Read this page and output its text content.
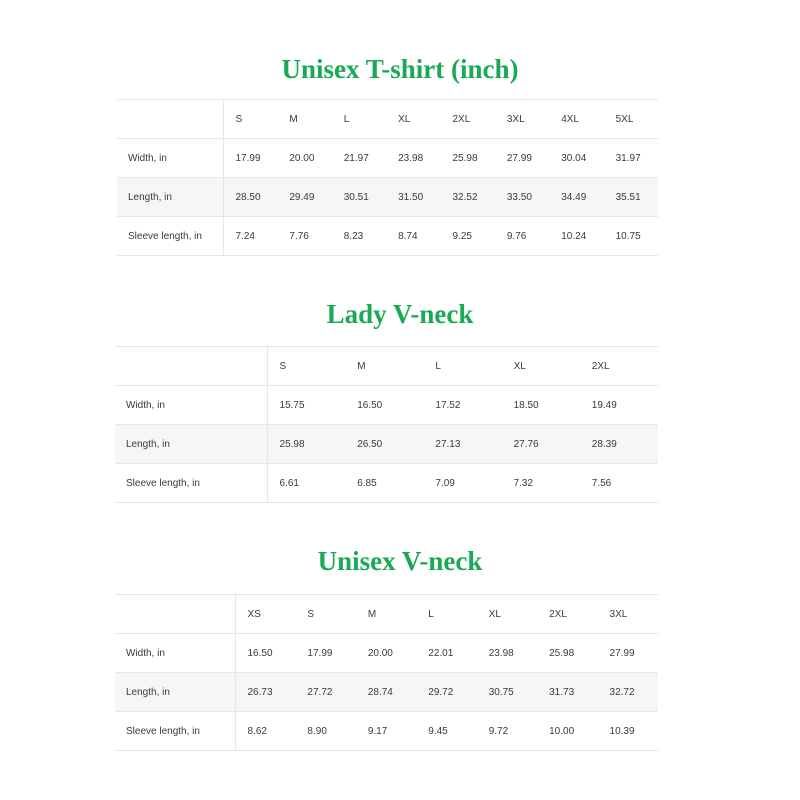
Unisex T-shirt (inch)
	S	M	L	XL	2XL	3XL	4XL	5XL
Width, in	17.99	20.00	21.97	23.98	25.98	27.99	30.04	31.97
Length, in	28.50	29.49	30.51	31.50	32.52	33.50	34.49	35.51
Sleeve length, in	7.24	7.76	8.23	8.74	9.25	9.76	10.24	10.75
Lady V-neck
	S	M	L	XL	2XL
Width, in	15.75	16.50	17.52	18.50	19.49
Length, in	25.98	26.50	27.13	27.76	28.39
Sleeve length, in	6.61	6.85	7.09	7.32	7.56
Unisex V-neck
	XS	S	M	L	XL	2XL	3XL
Width, in	16.50	17.99	20.00	22.01	23.98	25.98	27.99
Length, in	26.73	27.72	28.74	29.72	30.75	31.73	32.72
Sleeve length, in	8.62	8.90	9.17	9.45	9.72	10.00	10.39
